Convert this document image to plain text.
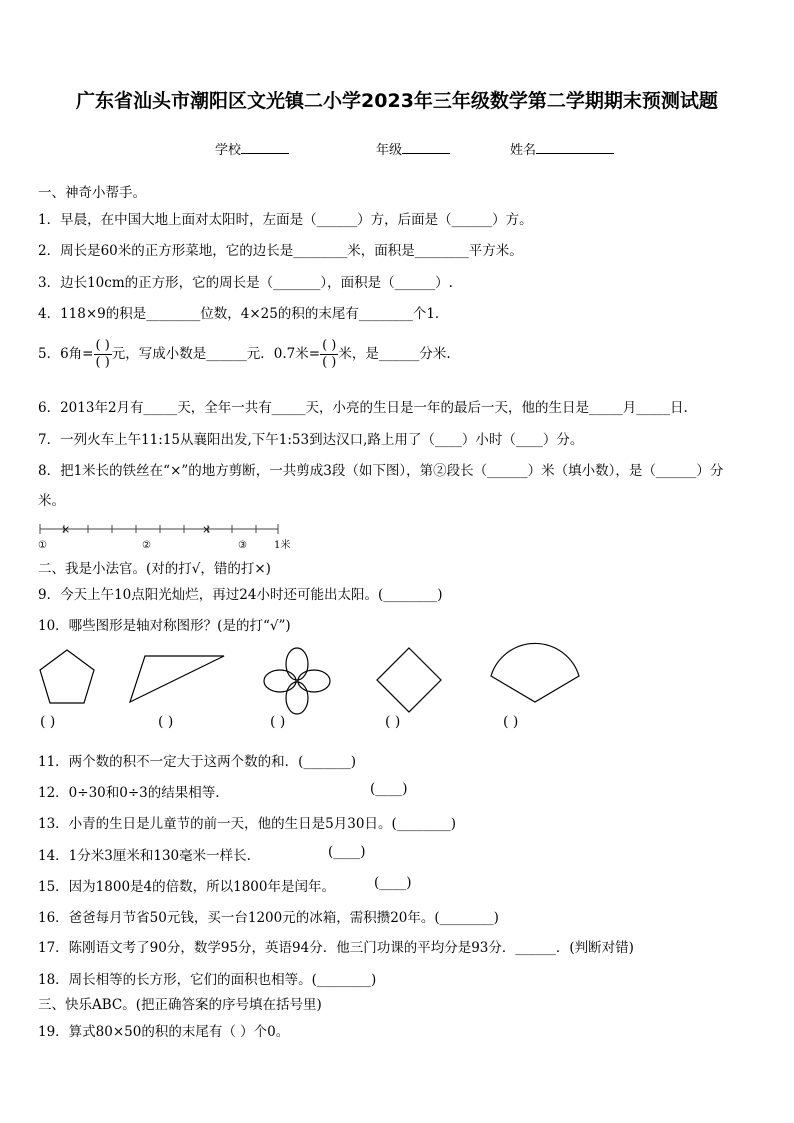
广东省汕头市潮阳区文光镇二小学2023年三年级数学第二学期期末预测试题
学校	年级	姓名
一、神奇小帮手。
1．早晨，在中国大地上面对太阳时，左面是（______）方，后面是（______）方。
2．周长是60米的正方形菜地，它的边长是________米，面积是________平方米。
3．边长10cm的正方形，它的周长是（_______），面积是（______）.
4．118×9的积是________位数，4×25的积的末尾有________个1．
5．6角= $\frac{( )}{( )}$ 元，写成小数是______元．0.7米= $\frac{( )}{( )}$ 米，是______分米.
6．2013年2月有_____天，全年一共有_____天，小亮的生日是一年的最后一天，他的生日是_____月_____日.
7．一列火车上午11:15从襄阳出发,下午1:53到达汉口,路上用了（____）小时（____）分。
8．把1米长的铁丝在“×”的地方剪断，一共剪成3段（如下图），第②段长（______）米（填小数），是（______）分
米。
×	×
①	②	③	1米
二、我是小法官。(对的打√，错的打×)
9．今天上午10点阳光灿烂，再过24小时还可能出太阳。(________)
10．哪些图形是轴对称图形？(是的打“√”)
( )	( )	( )	( )	( )
11．两个数的积不一定大于这两个数的和．(_______)
12．0÷30和0÷3的结果相等.	(____)
13．小青的生日是儿童节的前一天，他的生日是5月30日。(________)
14．1分米3厘米和130毫米一样长.	(____)
15．因为1800是4的倍数，所以1800年是闰年。	(____)
16．爸爸每月节省50元钱，买一台1200元的冰箱，需积攒20年。(________)
17．陈刚语文考了90分，数学95分，英语94分．他三门功课的平均分是93分．______．(判断对错)
18．周长相等的长方形，它们的面积也相等。(________)
三、快乐ABC。(把正确答案的序号填在括号里)
19．算式80×50的积的末尾有（ ）个0。
